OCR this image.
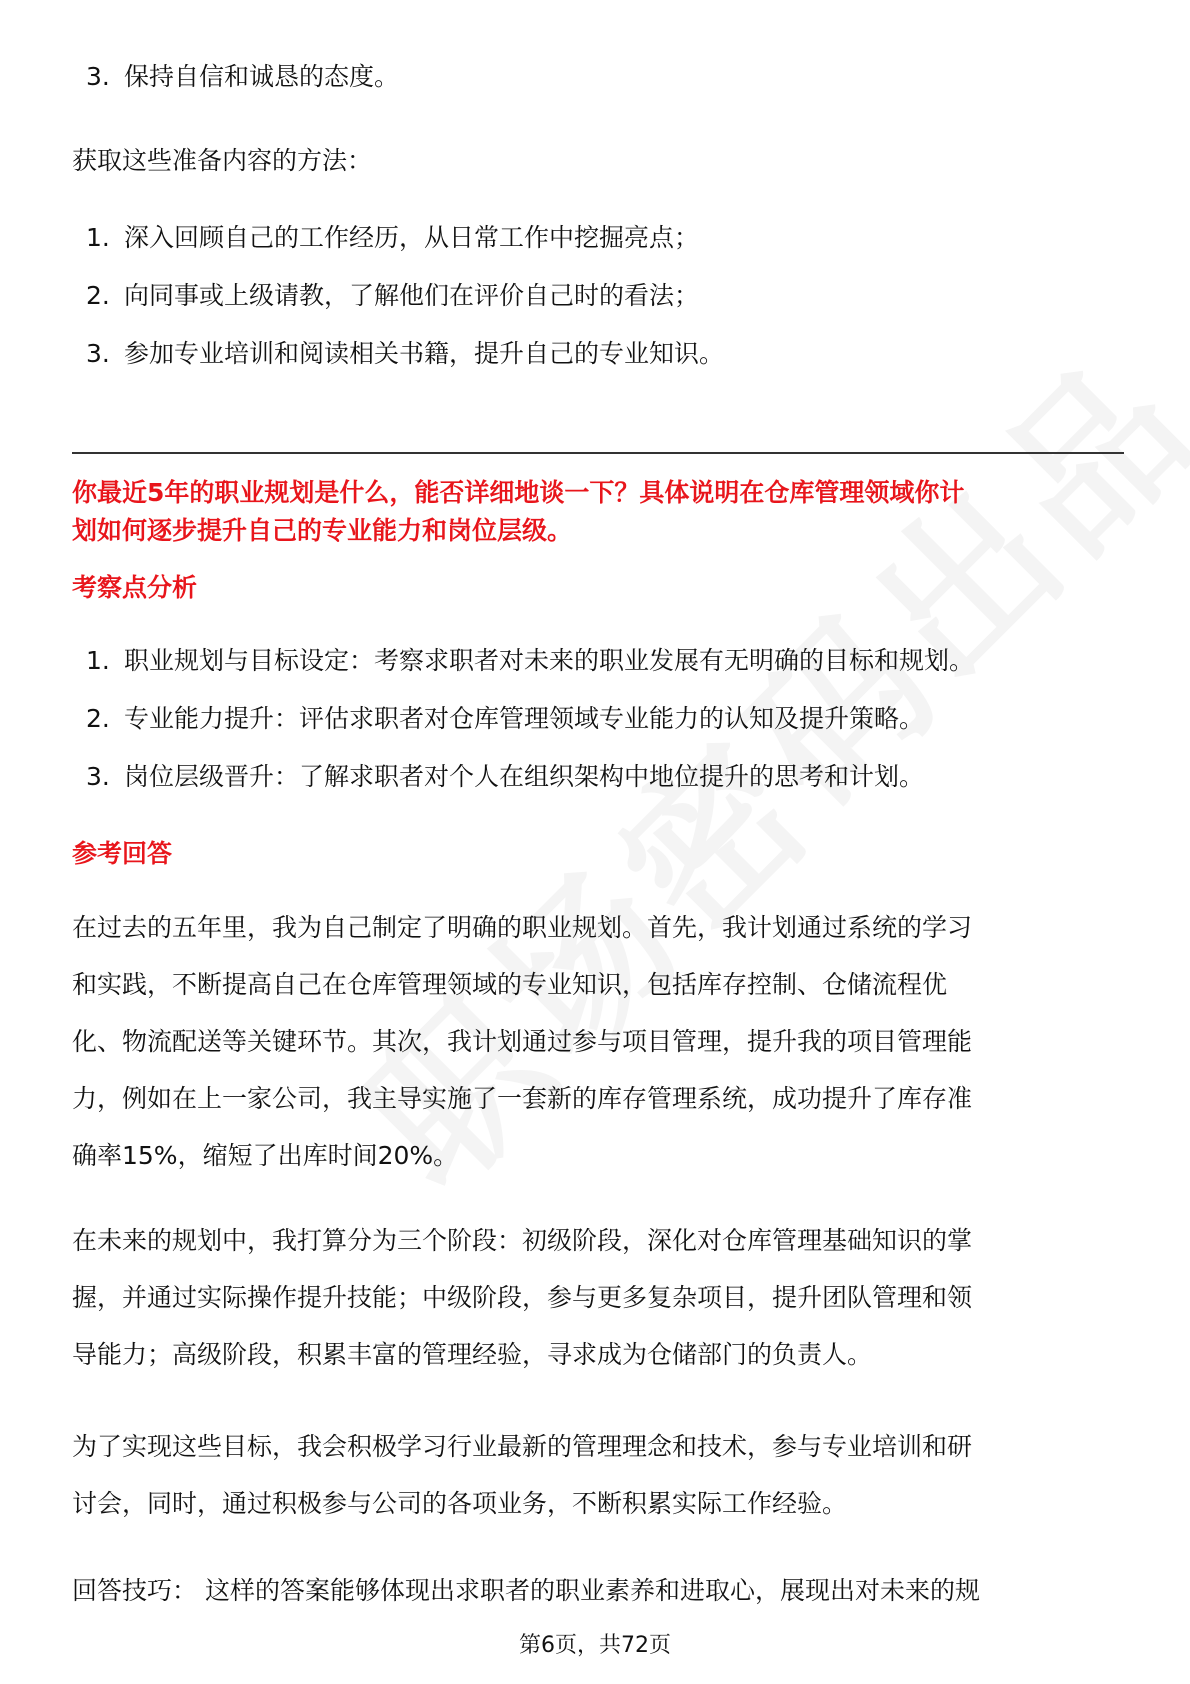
3. 保持自信和诚恳的态度。
获取这些准备内容的方法：
1. 深入回顾自己的工作经历，从日常工作中挖掘亮点；
2. 向同事或上级请教，了解他们在评价自己时的看法；
3. 参加专业培训和阅读相关书籍，提升自己的专业知识。
你最近5年的职业规划是什么，能否详细地谈一下？具体说明在仓库管理领域你计
划如何逐步提升自己的专业能力和岗位层级。
考察点分析
1. 职业规划与目标设定：考察求职者对未来的职业发展有无明确的目标和规划。
2. 专业能力提升：评估求职者对仓库管理领域专业能力的认知及提升策略。
3. 岗位层级晋升：了解求职者对个人在组织架构中地位提升的思考和计划。
参考回答
在过去的五年里，我为自己制定了明确的职业规划。首先，我计划通过系统的学习
和实践，不断提高自己在仓库管理领域的专业知识，包括库存控制、仓储流程优
化、物流配送等关键环节。其次，我计划通过参与项目管理，提升我的项目管理能
力，例如在上一家公司，我主导实施了一套新的库存管理系统，成功提升了库存准
确率15%，缩短了出库时间20%。
在未来的规划中，我打算分为三个阶段：初级阶段，深化对仓库管理基础知识的掌
握，并通过实际操作提升技能；中级阶段，参与更多复杂项目，提升团队管理和领
导能力；高级阶段，积累丰富的管理经验，寻求成为仓储部门的负责人。
为了实现这些目标，我会积极学习行业最新的管理理念和技术，参与专业培训和研
讨会，同时，通过积极参与公司的各项业务，不断积累实际工作经验。
回答技巧： 这样的答案能够体现出求职者的职业素养和进取心，展现出对未来的规
第6页，共72页
